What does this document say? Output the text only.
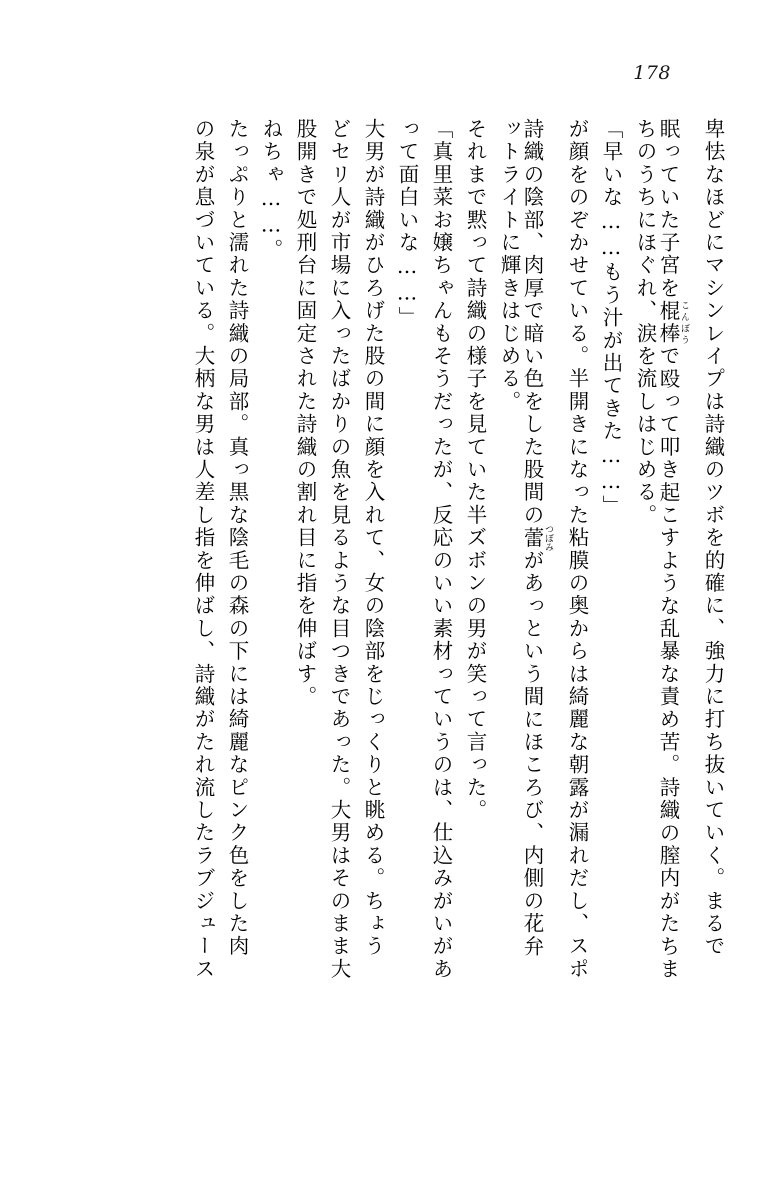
178
卑怯なほどにマシンレイプは詩織のツボを的確に、強力に打ち抜いていく。まるで
眠っていた子宮を棍棒 こんぼうで殴って叩き起こすような乱暴な責め苦。詩織の膣内がたちま
ちのうちにほぐれ、涙を流しはじめる。
「早いな……もう汁が出てきた……」
が顔をのぞかせている。半開きになった粘膜の奥からは綺麗な朝露が漏れだし、スポ
詩織の陰部、肉厚で暗い色をした股間の蕾 つぼみがあっという間にほころび、内側の花弁
ットライトに輝きはじめる。
それまで黙って詩織の様子を見ていた半ズボンの男が笑って言った。
「真里菜お嬢ちゃんもそうだったが、反応のいい素材っていうのは、仕込みがいがあ
って面白いな……」
大男が詩織がひろげた股の間に顔を入れて、女の陰部をじっくりと眺める。ちょう
どセリ人が市場に入ったばかりの魚を見るような目つきであった。大男はそのまま大
股開きで処刑台に固定された詩織の割れ目に指を伸ばす。
ねちゃ……。
たっぷりと濡れた詩織の局部。真っ黒な陰毛の森の下には綺麗なピンク色をした肉
の泉が息づいている。大柄な男は人差し指を伸ばし、詩織がたれ流したラブジュース
